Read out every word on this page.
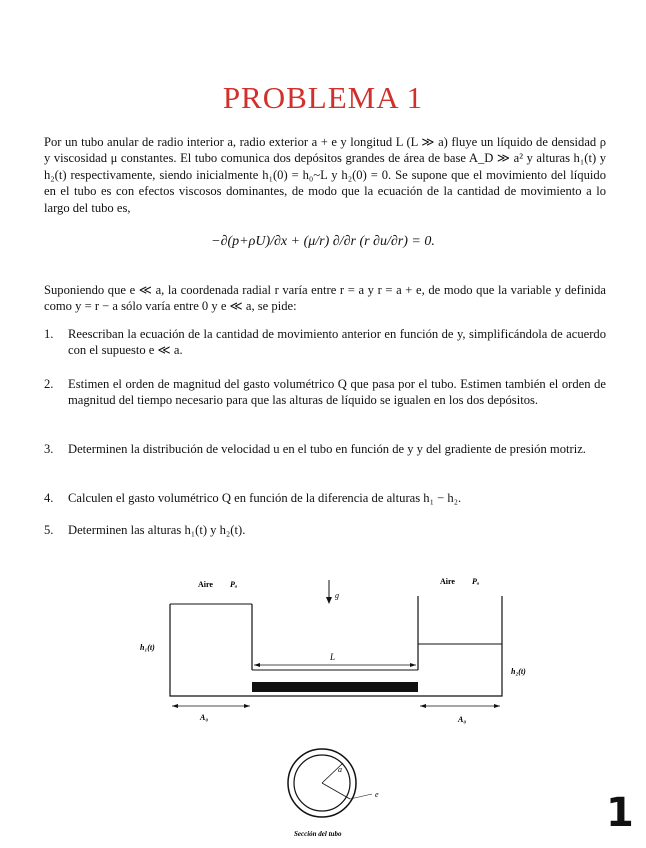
PROBLEMA 1

Por un tubo anular de radio interior a, radio exterior a + e y longitud L (L ≫ a) fluye un líquido de densidad ρ y viscosidad μ constantes. El tubo comunica dos depósitos grandes de área de base A_D ≫ a² y alturas h₁(t) y h₂(t) respectivamente, siendo inicialmente h₁(0) = h₀~L y h₂(0) = 0. Se supone que el movimiento del líquido en el tubo es con efectos viscosos dominantes, de modo que la ecuación de la cantidad de movimiento a lo largo del tubo es,

−∂(p+ρU)/∂x + (μ/r) ∂/∂r (r ∂u/∂r) = 0.

Suponiendo que e ≪ a, la coordenada radial r varía entre r = a y r = a + e, de modo que la variable y definida como y = r − a sólo varía entre 0 y e ≪ a, se pide:

1.	Reescriban la ecuación de la cantidad de movimiento anterior en función de y, simplificándola de acuerdo con el supuesto e ≪ a.
2.	Estimen el orden de magnitud del gasto volumétrico Q que pasa por el tubo. Estimen también el orden de magnitud del tiempo necesario para que las alturas de líquido se igualen en los dos depósitos.
3.	Determinen la distribución de velocidad u en el tubo en función de y y del gradiente de presión motriz.
4.	Calculen el gasto volumétrico Q en función de la diferencia de alturas h₁ − h₂.
5.	Determinen las alturas h₁(t) y h₂(t).
L
g
Aire Pₐ	Aire Pₐ
h₁(t)
h₂(t)
A₀	A₀
a
e
Sección del tubo	1
